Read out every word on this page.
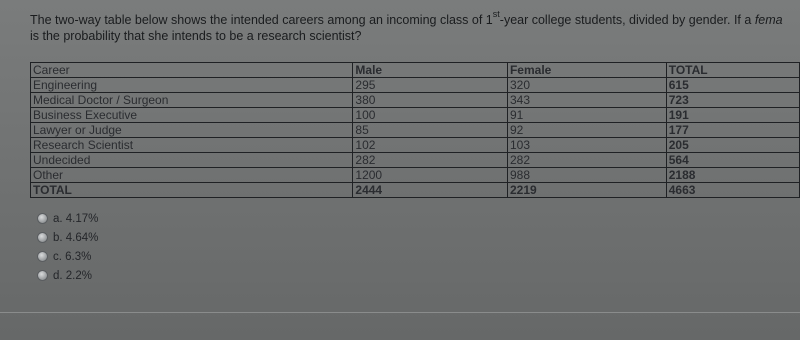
The two-way table below shows the intended careers among an incoming class of 1st-year college students, divided by gender. If a fema
is the probability that she intends to be a research scientist?
Career	Male	Female	TOTAL
Engineering	295	320	615
Medical Doctor / Surgeon	380	343	723
Business Executive	100	91	191
Lawyer or Judge	85	92	177
Research Scientist	102	103	205
Undecided	282	282	564
Other	1200	988	2188
TOTAL	2444	2219	4663
a. 4.17%
b. 4.64%
c. 6.3%
d. 2.2%
